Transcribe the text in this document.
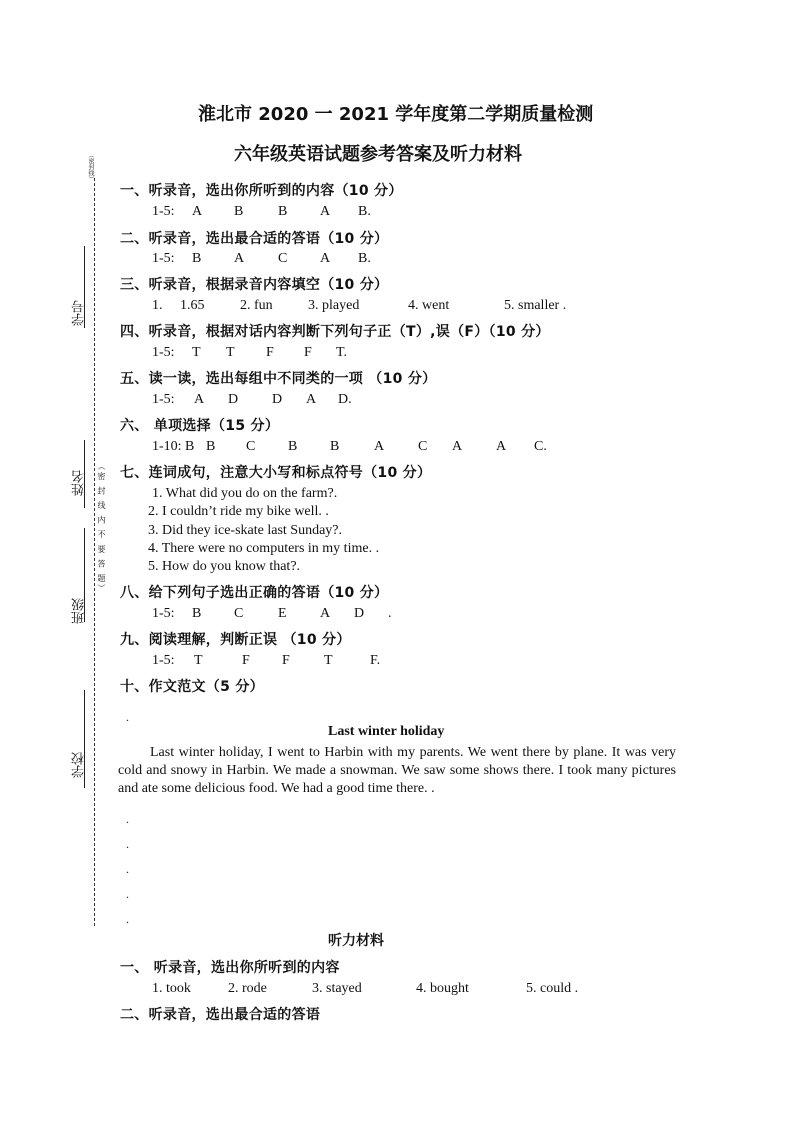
（密封线）
学号
姓名 （密 封 线 内 不 要 答 题）
班级
学校
淮北市 2020 一 2021 学年度第二学期质量检测
六年级英语试题参考答案及听力材料
一、听录音，选出你所听到的内容（10 分）
1-5: A B B A B.
二、听录音，选出最合适的答语（10 分）
1-5: B A C A B.
三、听录音，根据录音内容填空（10 分）
1. 1.65	2. fun	3. played	4. went	5. smaller .
四、听录音，根据对话内容判断下列句子正（T）,误（F）（10 分）
1-5: T T F F T.
五、读一读，选出每组中不同类的一项 （10 分）
1-5: A D D A D.
六、 单项选择（15 分）
1-10: B B C B B A C A A C.
七、连词成句，注意大小写和标点符号（10 分）
1. What did you do on the farm?.
2. I couldn’t ride my bike well. .
3. Did they ice-skate last Sunday?.
4. There were no computers in my time. .
5. How do you know that?.
八、给下列句子选出正确的答语（10 分）
1-5: B C E A D .
九、阅读理解，判断正误 （10 分）
1-5: T	F F T	F.
十、作文范文（5 分）
.
Last winter holiday
Last winter holiday, I went to Harbin with my parents. We went there by plane. It was very cold and snowy in Harbin. We made a snowman. We saw some shows there. I took many pictures and ate some delicious food. We had a good time there. .
.
.
.
.
.
听力材料
一、 听录音，选出你所听到的内容
1. took	2. rode	3. stayed	4. bought	5. could .
二、听录音，选出最合适的答语
